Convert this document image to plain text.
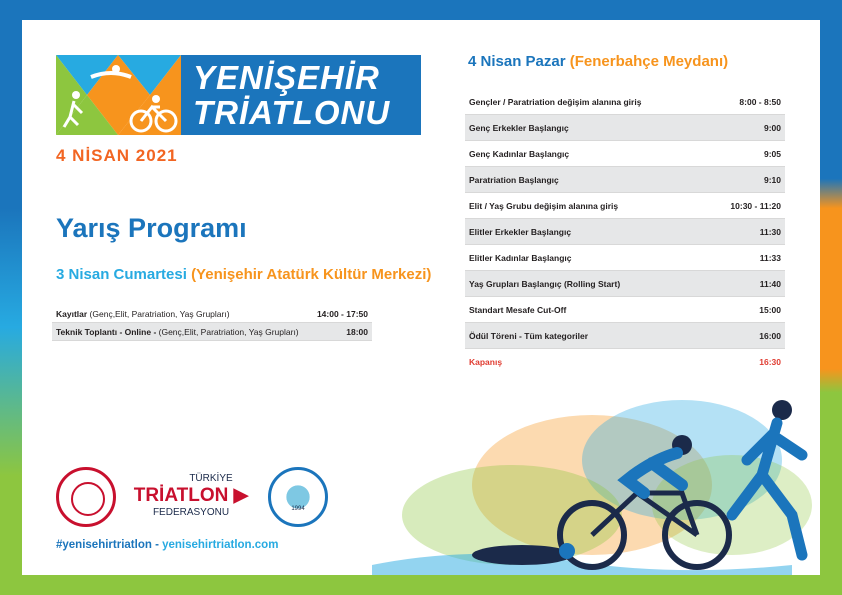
YENİŞEHİR
TRİATLONU
4 NİSAN 2021
Yarış Programı
3 Nisan Cumartesi (Yenişehir Atatürk Kültür Merkezi)
Kayıtlar (Genç,Elit, Paratriation, Yaş Grupları)	14:00 - 17:50
Teknik Toplantı - Online - (Genç,Elit, Paratriation, Yaş Grupları)	18:00
4 Nisan Pazar (Fenerbahçe Meydanı)
Gençler / Paratriation değişim alanına giriş	8:00 - 8:50
Genç Erkekler Başlangıç	9:00
Genç Kadınlar Başlangıç	9:05
Paratriation Başlangıç	9:10
Elit / Yaş Grubu değişim alanına giriş	10:30 - 11:20
Elitler Erkekler Başlangıç	11:30
Elitler Kadınlar Başlangıç	11:33
Yaş Grupları Başlangıç (Rolling Start)	11:40
Standart Mesafe Cut-Off	15:00
Ödül Töreni - Tüm kategoriler	16:00
Kapanış	16:30
TÜRKİYE
TRİATLON ▶
FEDERASYONU	1994
#yenisehirtriatlon - yenisehirtriatlon.com
